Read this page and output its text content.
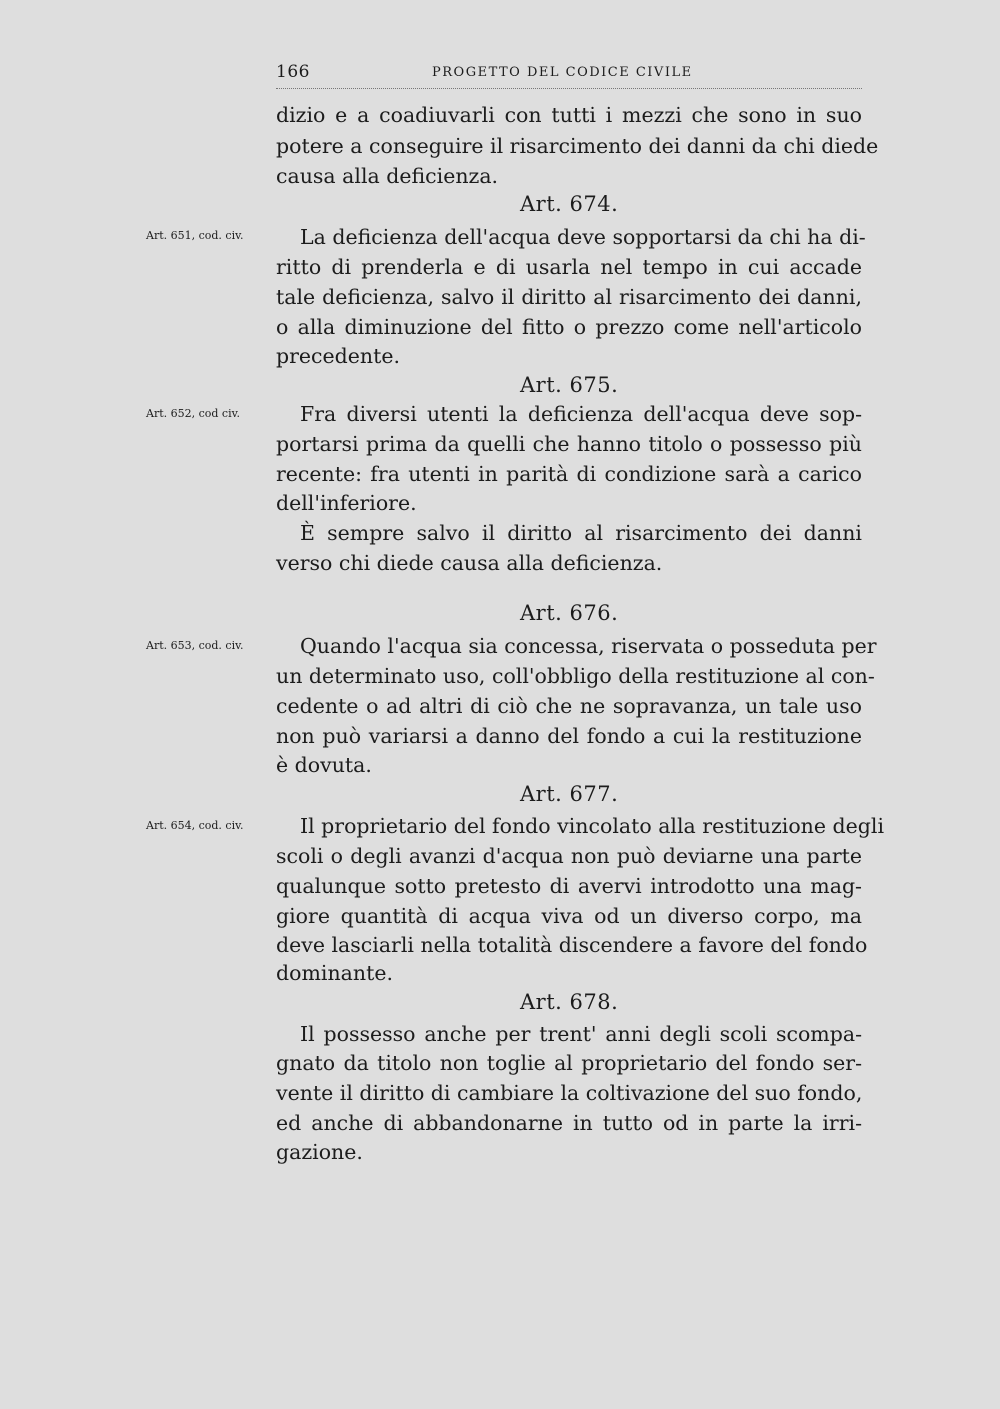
166	PROGETTO DEL CODICE CIVILE
dizio e a coadiuvarli con tutti i mezzi che sono in suo
potere a conseguire il risarcimento dei danni da chi diede
causa alla deficienza.
Art. 674.
Art. 651, cod. civ.	La deficienza dell'acqua deve sopportarsi da chi ha di-
ritto di prenderla e di usarla nel tempo in cui accade
tale deficienza, salvo il diritto al risarcimento dei danni,
o alla diminuzione del fitto o prezzo come nell'articolo
precedente.
Art. 675.
Art. 652, cod civ.	Fra diversi utenti la deficienza dell'acqua deve sop-
portarsi prima da quelli che hanno titolo o possesso più
recente: fra utenti in parità di condizione sarà a carico
dell'inferiore.
È sempre salvo il diritto al risarcimento dei danni
verso chi diede causa alla deficienza.
Art. 676.
Art. 653, cod. civ.	Quando l'acqua sia concessa, riservata o posseduta per
un determinato uso, coll'obbligo della restituzione al con-
cedente o ad altri di ciò che ne sopravanza, un tale uso
non può variarsi a danno del fondo a cui la restituzione
è dovuta.
Art. 677.
Art. 654, cod. civ.	Il proprietario del fondo vincolato alla restituzione degli
scoli o degli avanzi d'acqua non può deviarne una parte
qualunque sotto pretesto di avervi introdotto una mag-
giore quantità di acqua viva od un diverso corpo, ma
deve lasciarli nella totalità discendere a favore del fondo
dominante.
Art. 678.
Il possesso anche per trent' anni degli scoli scompa-
gnato da titolo non toglie al proprietario del fondo ser-
vente il diritto di cambiare la coltivazione del suo fondo,
ed anche di abbandonarne in tutto od in parte la irri-
gazione.
